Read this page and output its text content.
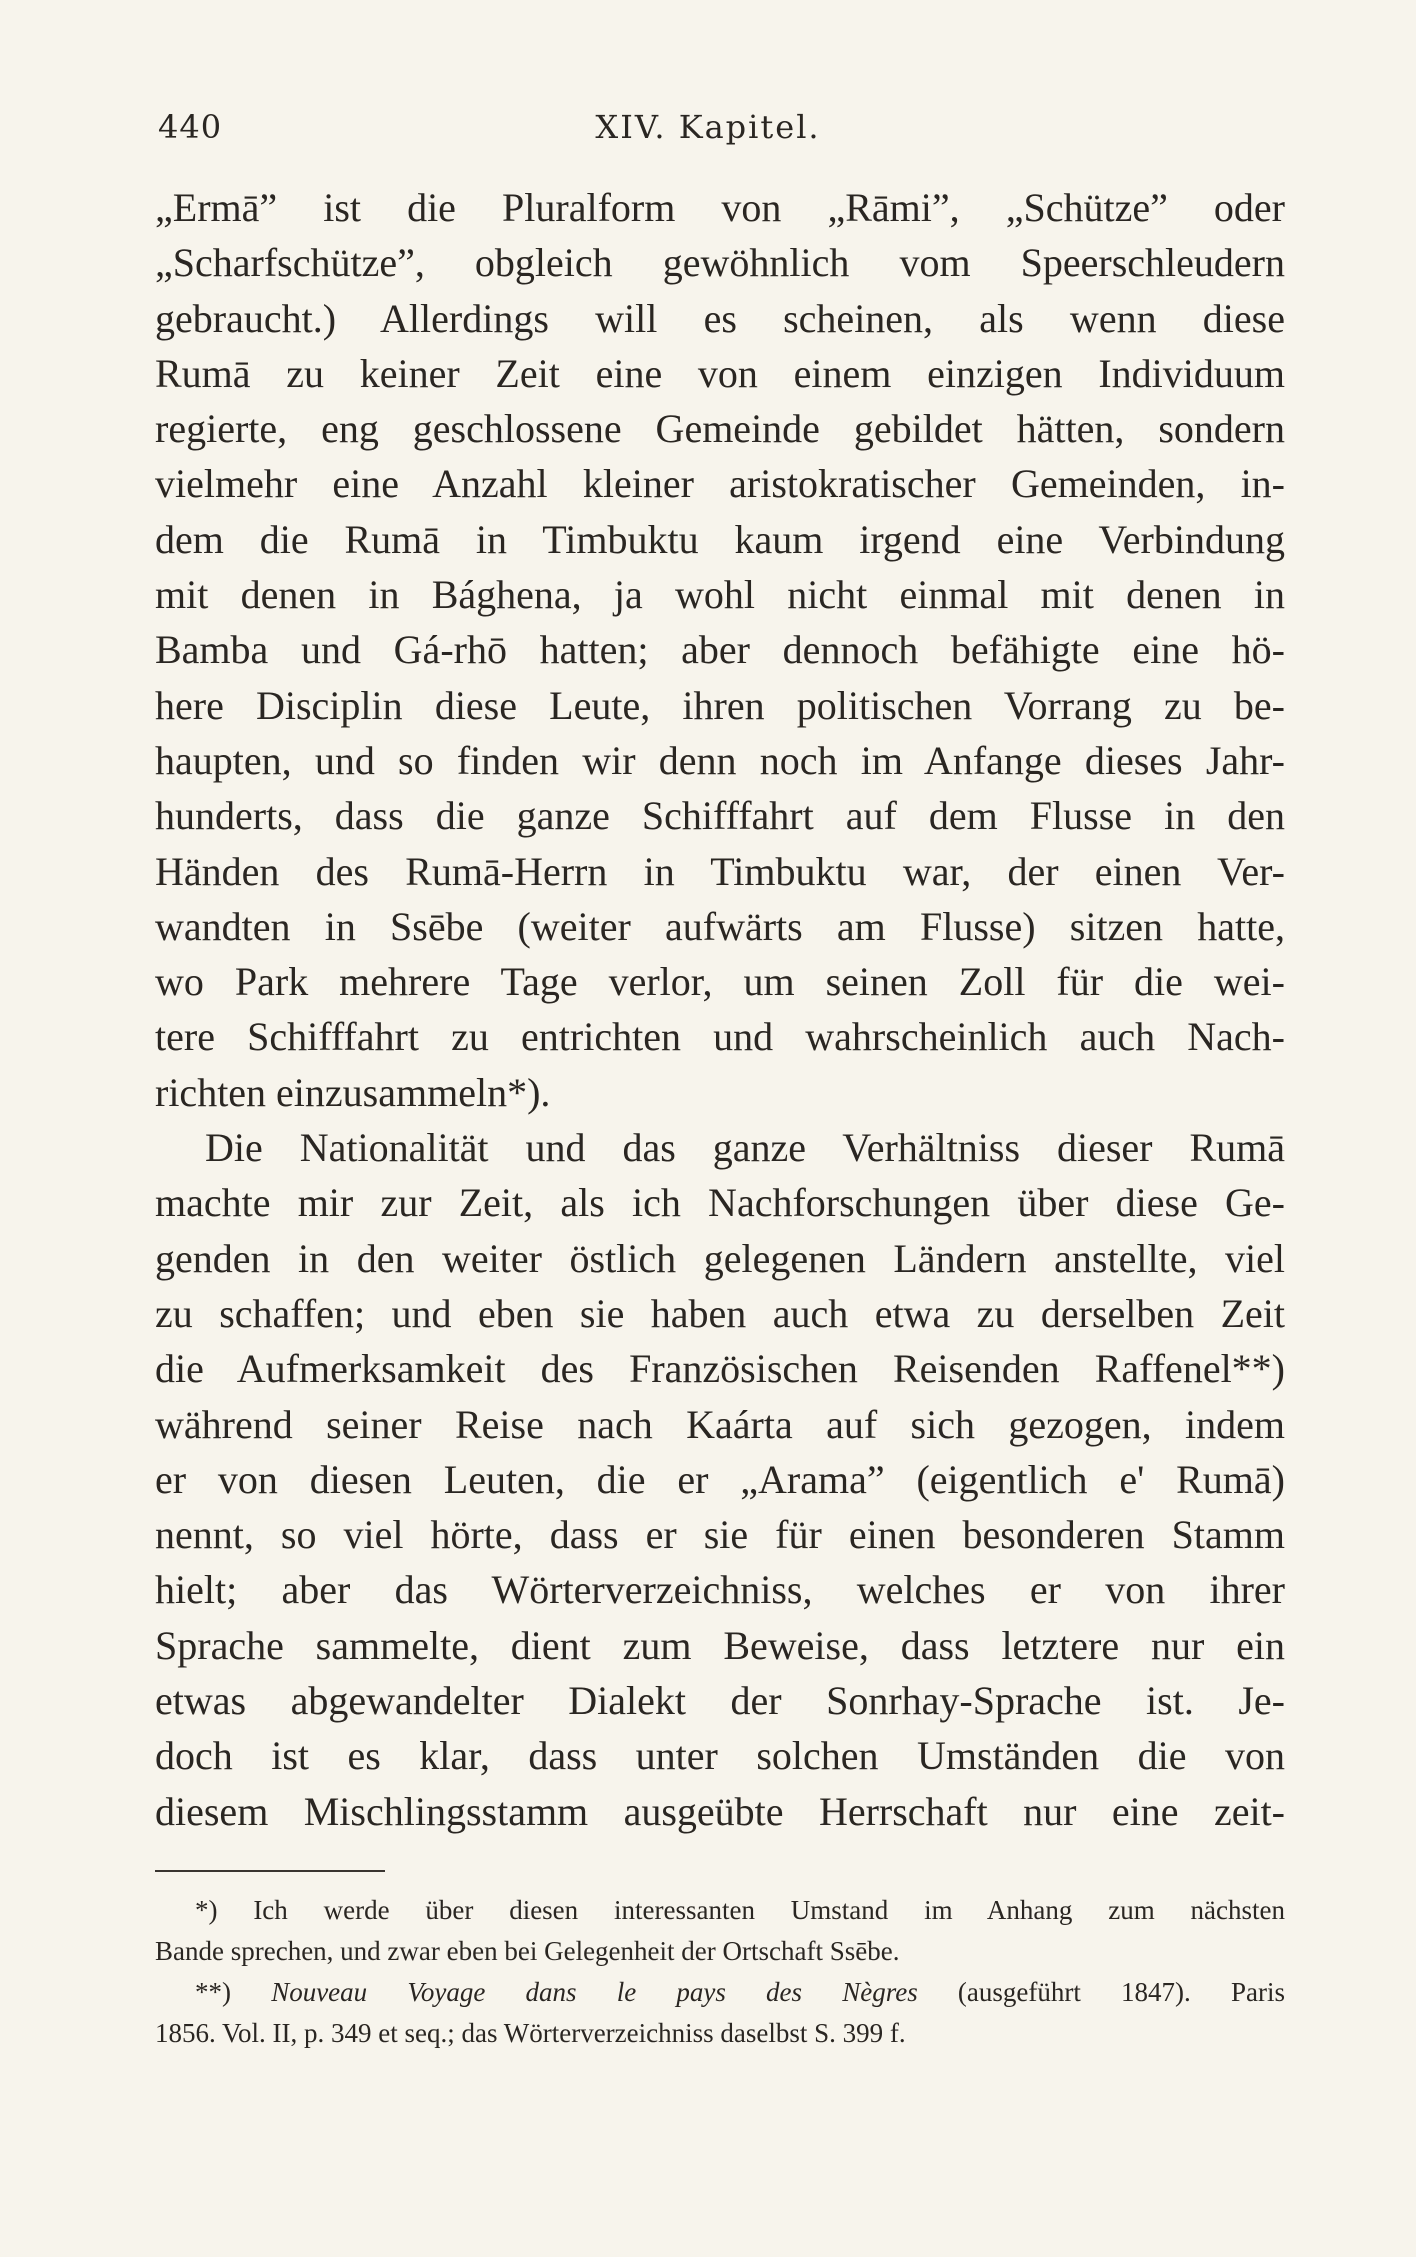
440	XIV. Kapitel.
„Ermā” ist die Pluralform von „Rāmi”, „Schütze” oder
„Scharfschütze”, obgleich gewöhnlich vom Speerschleudern
gebraucht.) Allerdings will es scheinen, als wenn diese
Rumā zu keiner Zeit eine von einem einzigen Individuum
regierte, eng geschlossene Gemeinde gebildet hätten, sondern
vielmehr eine Anzahl kleiner aristokratischer Gemeinden, in-
dem die Rumā in Timbuktu kaum irgend eine Verbindung
mit denen in Bághena, ja wohl nicht einmal mit denen in
Bamba und Gá-rhō hatten; aber dennoch befähigte eine hö-
here Disciplin diese Leute, ihren politischen Vorrang zu be-
haupten, und so finden wir denn noch im Anfange dieses Jahr-
hunderts, dass die ganze Schifffahrt auf dem Flusse in den
Händen des Rumā-Herrn in Timbuktu war, der einen Ver-
wandten in Ssēbe (weiter aufwärts am Flusse) sitzen hatte,
wo Park mehrere Tage verlor, um seinen Zoll für die wei-
tere Schifffahrt zu entrichten und wahrscheinlich auch Nach-
richten einzusammeln*).
Die Nationalität und das ganze Verhältniss dieser Rumā
machte mir zur Zeit, als ich Nachforschungen über diese Ge-
genden in den weiter östlich gelegenen Ländern anstellte, viel
zu schaffen; und eben sie haben auch etwa zu derselben Zeit
die Aufmerksamkeit des Französischen Reisenden Raffenel**)
während seiner Reise nach Kaárta auf sich gezogen, indem
er von diesen Leuten, die er „Arama” (eigentlich e' Rumā)
nennt, so viel hörte, dass er sie für einen besonderen Stamm
hielt; aber das Wörterverzeichniss, welches er von ihrer
Sprache sammelte, dient zum Beweise, dass letztere nur ein
etwas abgewandelter Dialekt der Sonrhay-Sprache ist. Je-
doch ist es klar, dass unter solchen Umständen die von
diesem Mischlingsstamm ausgeübte Herrschaft nur eine zeit-
*) Ich werde über diesen interessanten Umstand im Anhang zum nächsten
Bande sprechen, und zwar eben bei Gelegenheit der Ortschaft Ssēbe.
**) Nouveau Voyage dans le pays des Nègres (ausgeführt 1847). Paris
1856. Vol. II, p. 349 et seq.; das Wörterverzeichniss daselbst S. 399 f.
